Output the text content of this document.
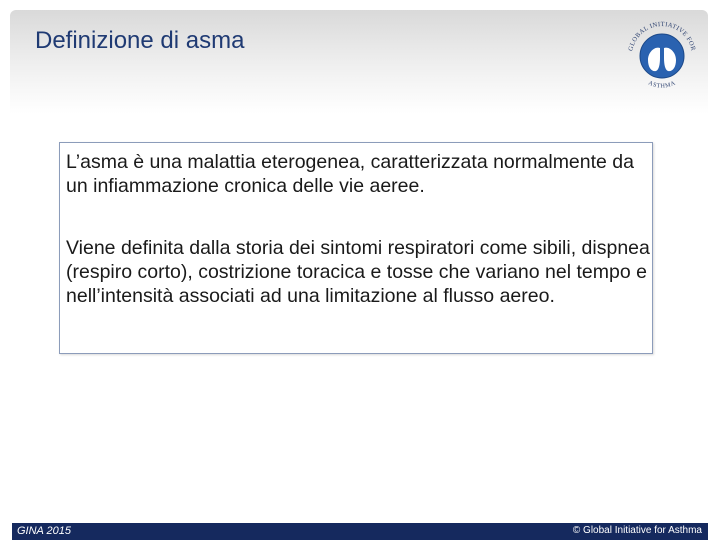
Definizione di asma	GLOBAL INITIATIVE FOR
ASTHMA

L’asma è una malattia eterogenea, caratterizzata normalmente da un infiammazione cronica delle vie aeree.

Viene definita dalla storia dei sintomi respiratori come sibili, dispnea (respiro corto), costrizione toracica e tosse che variano nel tempo e nell’intensità associati ad una limitazione al flusso aereo.

GINA 2015	© Global Initiative for Asthma
